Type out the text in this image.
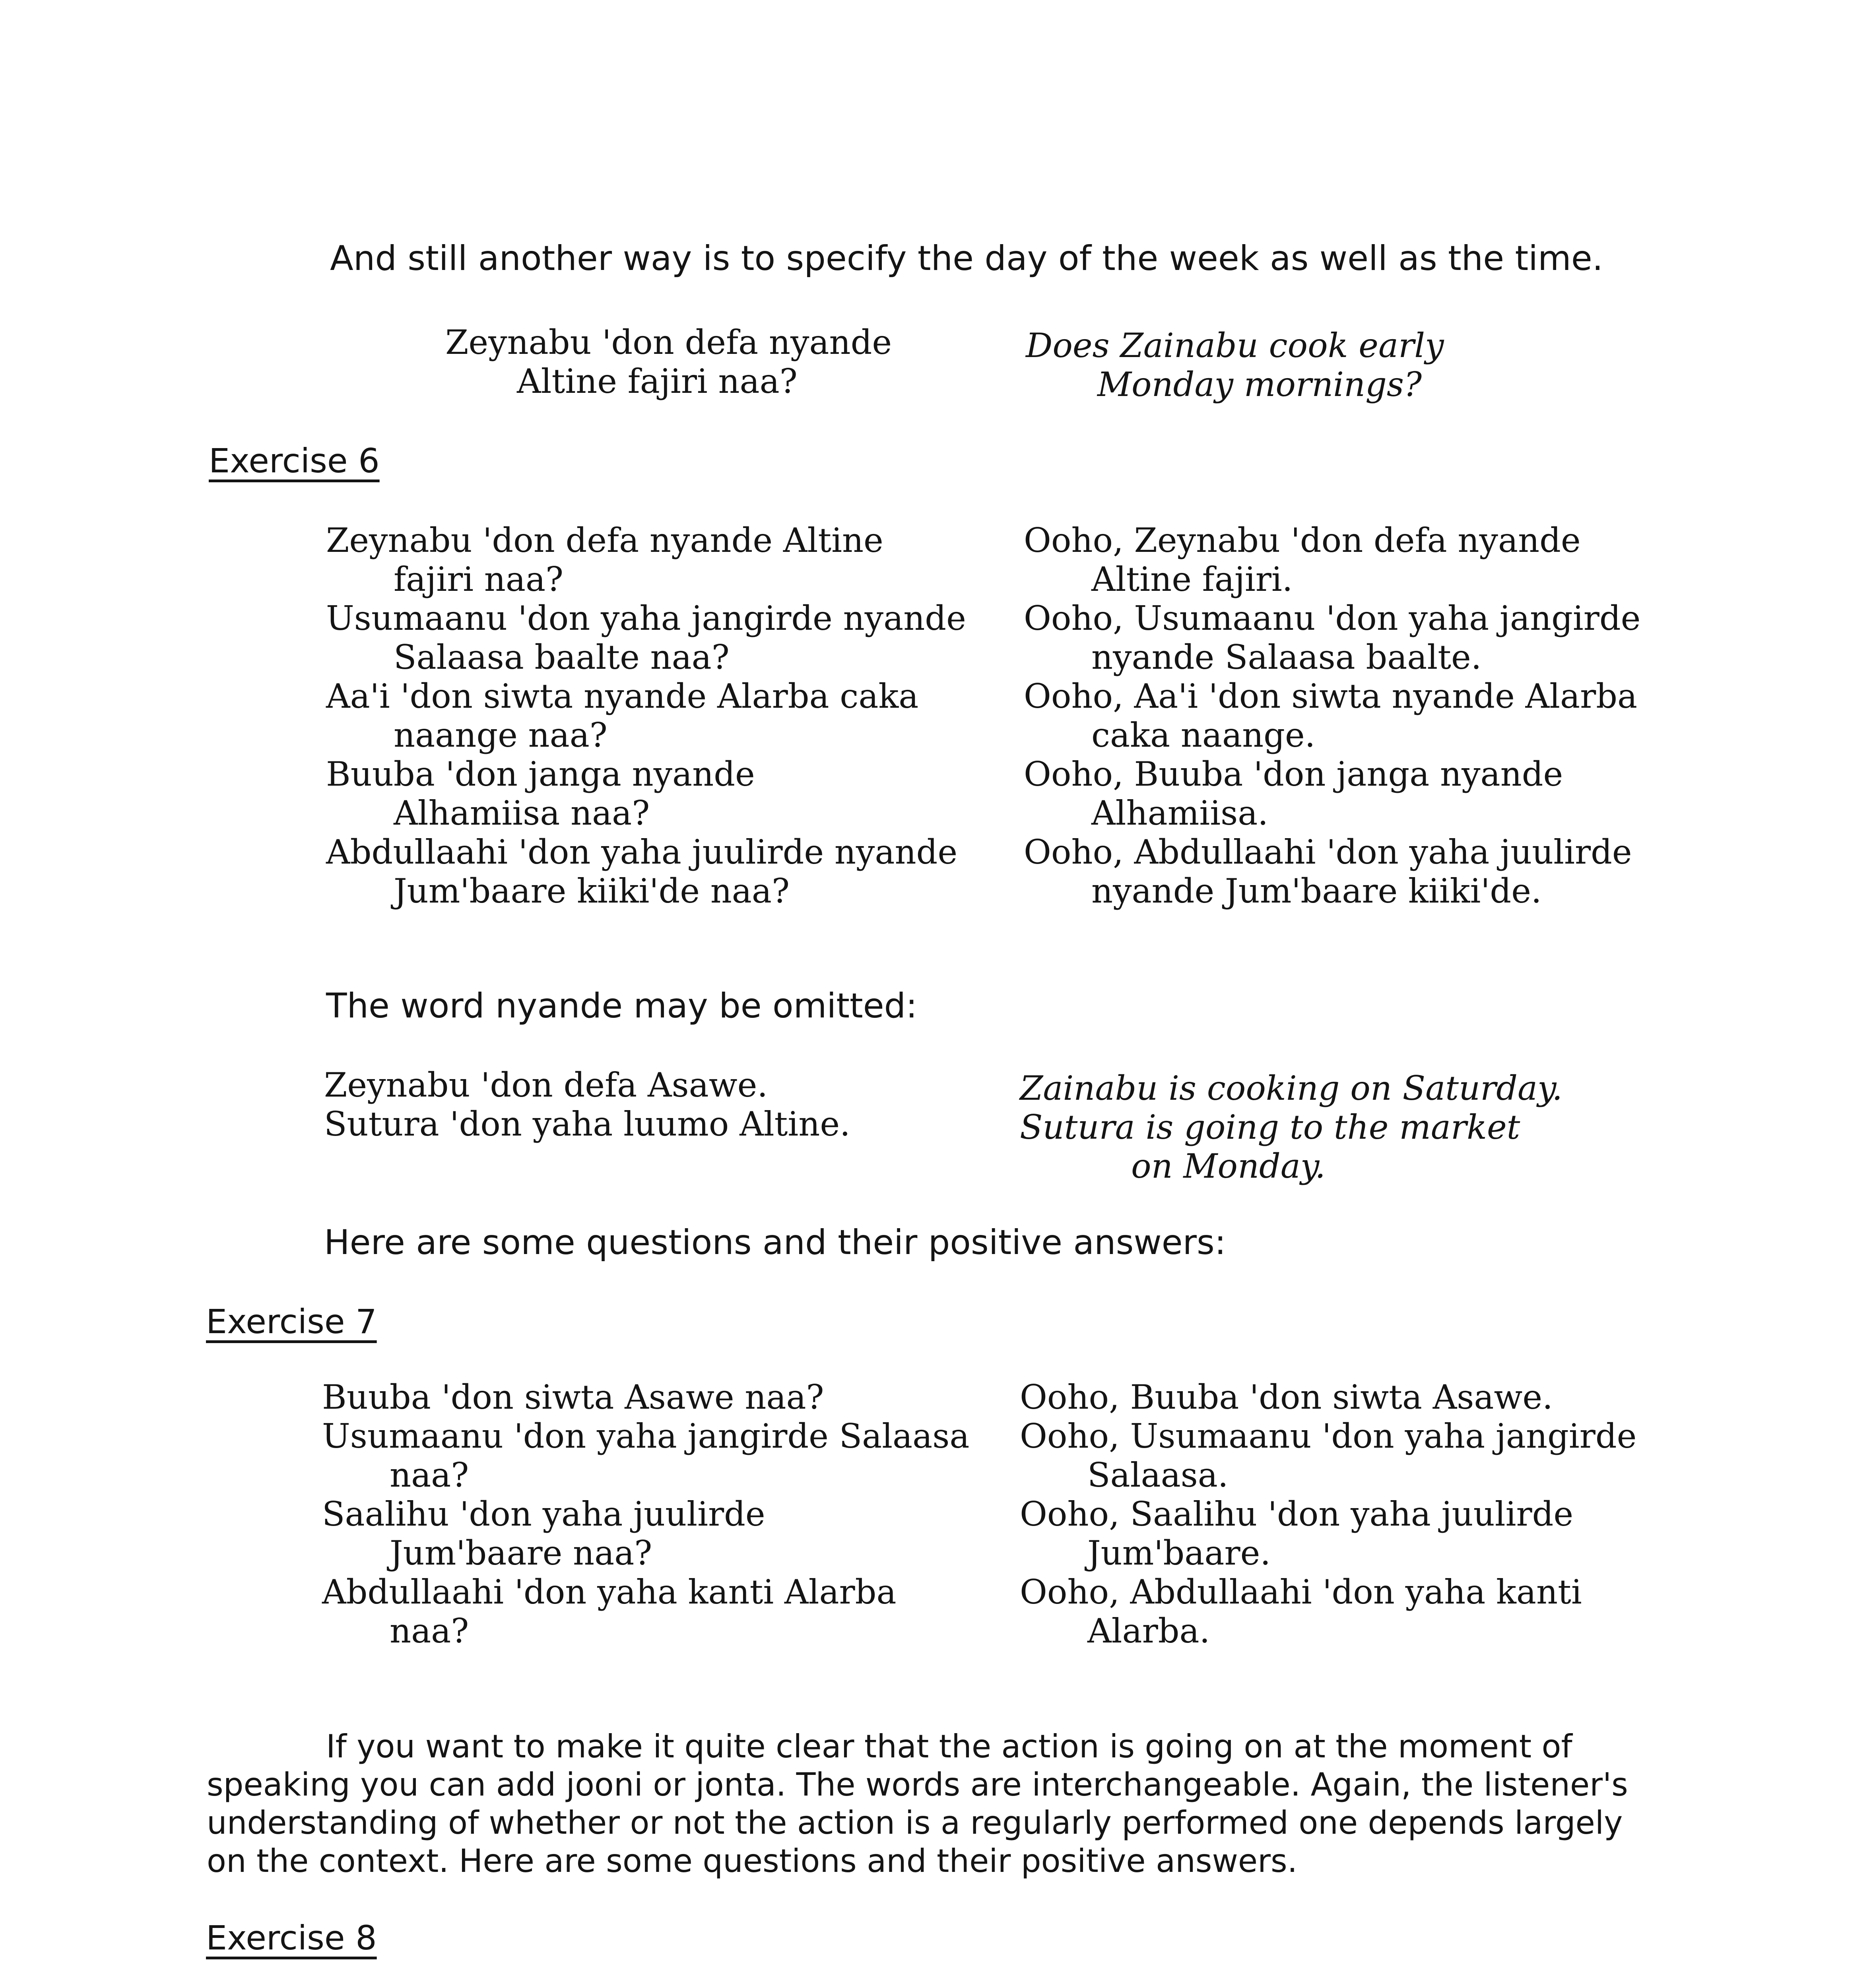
And still another way is to specify the day of the week as well as the time.
Zeynabu 'don defa nyande
Altine fajiri naa?
Does Zainabu cook early
Monday mornings?
Exercise 6
Zeynabu 'don defa nyande Altine
fajiri naa?
Usumaanu 'don yaha jangirde nyande
Salaasa baalte naa?
Aa'i 'don siwta nyande Alarba caka
naange naa?
Buuba 'don janga nyande
Alhamiisa naa?
Abdullaahi 'don yaha juulirde nyande
Jum'baare kiiki'de naa?
Ooho, Zeynabu 'don defa nyande
Altine fajiri.
Ooho, Usumaanu 'don yaha jangirde
nyande Salaasa baalte.
Ooho, Aa'i 'don siwta nyande Alarba
caka naange.
Ooho, Buuba 'don janga nyande
Alhamiisa.
Ooho, Abdullaahi 'don yaha juulirde
nyande Jum'baare kiiki'de.
The word nyande may be omitted:
Zeynabu 'don defa Asawe.
Sutura 'don yaha luumo Altine.
Zainabu is cooking on Saturday.
Sutura is going to the market
on Monday.
Here are some questions and their positive answers:
Exercise 7
Buuba 'don siwta Asawe naa?
Usumaanu 'don yaha jangirde Salaasa
naa?
Saalihu 'don yaha juulirde
Jum'baare naa?
Abdullaahi 'don yaha kanti Alarba
naa?
Ooho, Buuba 'don siwta Asawe.
Ooho, Usumaanu 'don yaha jangirde
Salaasa.
Ooho, Saalihu 'don yaha juulirde
Jum'baare.
Ooho, Abdullaahi 'don yaha kanti
Alarba.
If you want to make it quite clear that the action is going on at the moment of
speaking you can add jooni or jonta. The words are interchangeable. Again, the listener's
understanding of whether or not the action is a regularly performed one depends largely
on the context. Here are some questions and their positive answers.
Exercise 8
